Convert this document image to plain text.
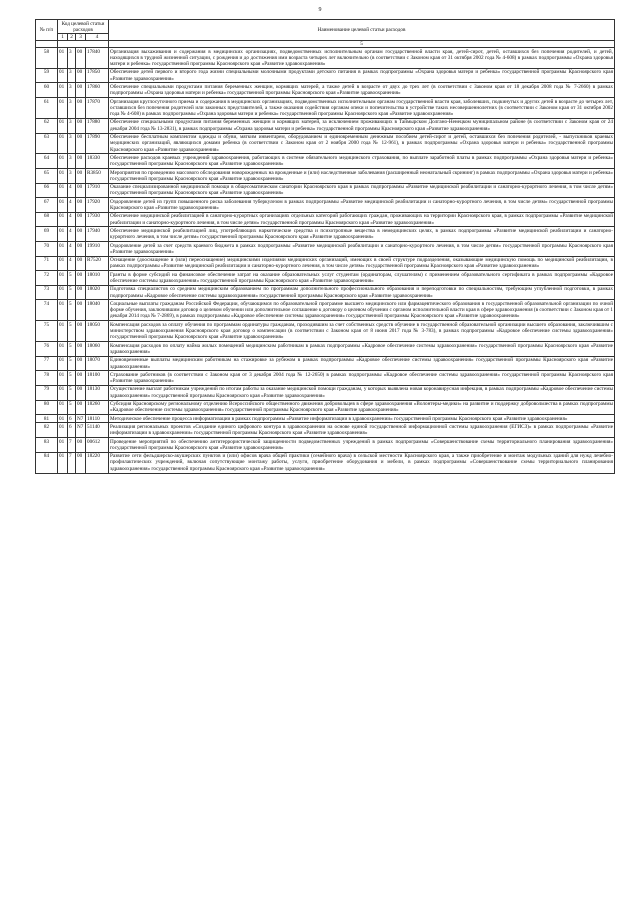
9
№ п/п	Код целевой статьи расходов				Наименование целевой статьи расходов
	1	2	3	4	
					5
58	01	3	00	17840	Организация выхаживания и содержания в медицинских организациях, подведомственных исполнительным органам государственной власти края, детей-сирот, детей, оставшихся без попечения родителей, и детей, находящихся в трудной жизненной ситуации, с рождения и до достижения ими возраста четырех лет включительно (в соответствии с Законом края от 31 октября 2002 года № 4-608) в рамках подпрограммы «Охрана здоровья матери и ребенка» государственной программы Красноярского края «Развитие здравоохранения»
59	01	3	00	17850	Обеспечение детей первого и второго года жизни специальными молочными продуктами детского питания в рамках подпрограммы «Охрана здоровья матери и ребенка» государственной программы Красноярского края «Развитие здравоохранения»
60	01	3	00	17860	Обеспечение специальными продуктами питания беременных женщин, кормящих матерей, а также детей в возрасте от двух до трех лет (в соответствии с Законом края от 18 декабря 2008 года № 7-2660) в рамках подпрограммы «Охрана здоровья матери и ребенка» государственной программы Красноярского края «Развитие здравоохранения»
61	01	3	00	17870	Организация круглосуточного приема и содержания в медицинских организациях, подведомственных исполнительным органам государственной власти края, заболевших, подкинутых и других детей в возрасте до четырех лет, оставшихся без попечения родителей или законных представителей, а также оказания содействия органам опеки и попечительства в устройстве таких несовершеннолетних (в соответствии с Законом края от 31 октября 2002 года № 4-608) в рамках подпрограммы «Охрана здоровья матери и ребенка» государственной программы Красноярского края «Развитие здравоохранения»
62	01	3	00	17880	Обеспечение специальными продуктами питания беременных женщин и кормящих матерей, за исключением проживающих в Таймырском Долгано-Ненецком муниципальном районе (в соответствии с Законом края от 24 декабря 2004 года № 13-2831), в рамках подпрограммы «Охрана здоровья матери и ребенка» государственной программы Красноярского края «Развитие здравоохранения»
63	01	3	00	17890	Обеспечение бесплатным комплектом одежды и обуви, мягким инвентарем, оборудованием и единовременным денежным пособием детей-сирот и детей, оставшихся без попечения родителей, - выпускников краевых медицинских организаций, являющихся домами ребенка (в соответствии с Законом края от 2 ноября 2000 года № 12-961), в рамках подпрограммы «Охрана здоровья матери и ребенка» государственной программы Красноярского края «Развитие здравоохранения»
64	01	3	00	18330	Обеспечение расходов краевых учреждений здравоохранения, работающих в системе обязательного медицинского страхования, по выплате заработной платы в рамках подпрограммы «Охрана здоровья матери и ребенка» государственной программы Красноярского края «Развитие здравоохранения»
65	01	3	00	R3850	Мероприятия по проведению массового обследования новорожденных на врожденные и (или) наследственные заболевания (расширенный неонатальный скрининг) в рамках подпрограммы «Охрана здоровья матери и ребенка» государственной программы Красноярского края «Развитие здравоохранения»
66	01	4	00	17910	Оказание специализированной медицинской помощи в общесоматическом санатории Красноярского края в рамках подпрограммы «Развитие медицинской реабилитации и санаторно-курортного лечения, в том числе детям» государственной программы Красноярского края «Развитие здравоохранения»
67	01	4	00	17920	Оздоровление детей из групп повышенного риска заболевания туберкулезом в рамках подпрограммы «Развитие медицинской реабилитации и санаторно-курортного лечения, в том числе детям» государственной программы Красноярского края «Развитие здравоохранения»
68	01	4	00	17930	Обеспечение медицинской реабилитацией в санаторно-курортных организациях отдельных категорий работающих граждан, проживающих на территории Красноярского края, в рамках подпрограммы «Развитие медицинской реабилитации и санаторно-курортного лечения, в том числе детям» государственной программы Красноярского края «Развитие здравоохранения»
69	01	4	00	17940	Обеспечение медицинской реабилитацией лиц, употребляющих наркотические средства и психотропные вещества в немедицинских целях, в рамках подпрограммы «Развитие медицинской реабилитации и санаторно-курортного лечения, в том числе детям» государственной программы Красноярского края «Развитие здравоохранения»
70	01	4	00	19910	Оздоровление детей за счет средств краевого бюджета в рамках подпрограммы «Развитие медицинской реабилитации и санаторно-курортного лечения, в том числе детям» государственной программы Красноярского края «Развитие здравоохранения»
71	01	4	00	R7520	Оснащение (дооснащение и (или) переоснащение) медицинскими изделиями медицинских организаций, имеющих в своей структуре подразделения, оказывающие медицинскую помощь по медицинской реабилитации, в рамках подпрограммы «Развитие медицинской реабилитации и санаторно-курортного лечения, в том числе детям» государственной программы Красноярского края «Развитие здравоохранения»
72	01	5	00	18010	Гранты в форме субсидий на финансовое обеспечение затрат на оказание образовательных услуг студентам (ординаторам, слушателям) с применением образовательного сертификата в рамках подпрограммы «Кадровое обеспечение системы здравоохранения» государственной программы Красноярского края «Развитие здравоохранения»
73	01	5	00	18020	Подготовка специалистов со средним медицинским образованием по программам дополнительного профессионального образования и переподготовки по специальностям, требующим углубленной подготовки, в рамках подпрограммы «Кадровое обеспечение системы здравоохранения» государственной программы Красноярского края «Развитие здравоохранения»
74	01	5	00	18040	Социальные выплаты гражданам Российской Федерации, обучающимся по образовательной программе высшего медицинского или фармацевтического образования в государственной образовательной организации по очной форме обучения, заключившим договор о целевом обучении или дополнительное соглашение к договору о целевом обучении с органом исполнительной власти края в сфере здравоохранения (в соответствии с Законом края от 1 декабря 2014 года № 7-2869), в рамках подпрограммы «Кадровое обеспечение системы здравоохранения» государственной программы Красноярского края «Развитие здравоохранения»
75	01	5	00	18050	Компенсация расходов за оплату обучения по программам ординатуры гражданам, проходившим за счет собственных средств обучение в государственной образовательной организации высшего образования, заключившим с министерством здравоохранения Красноярского края договор о компенсации (в соответствии с Законом края от 8 июня 2017 года № 3-783), в рамках подпрограммы «Кадровое обеспечение системы здравоохранения» государственной программы Красноярского края «Развитие здравоохранения»
76	01	5	00	18060	Компенсация расходов по оплату найма жилых помещений медицинским работникам в рамках подпрограммы «Кадровое обеспечение системы здравоохранения» государственной программы Красноярского края «Развитие здравоохранения»
77	01	5	00	18070	Единовременные выплаты медицинским работникам на стажировке за рубежом в рамках подпрограммы «Кадровое обеспечение системы здравоохранения» государственной программы Красноярского края «Развитие здравоохранения»
78	01	5	00	18100	Страхование работников (в соответствии с Законом края от 3 декабря 2004 года № 12-2650) в рамках подпрограммы «Кадровое обеспечение системы здравоохранения» государственной программы Красноярского края «Развитие здравоохранения»
79	01	5	00	18130	Осуществление выплат работникам учреждений по итогам работы за оказание медицинской помощи гражданам, у которых выявлена новая коронавирусная инфекция, в рамках подпрограммы «Кадровое обеспечение системы здравоохранения» государственной программы Красноярского края «Развитие здравоохранения»
80	01	5	00	18260	Субсидия Красноярскому региональному отделению Всероссийского общественного движения добровольцев в сфере здравоохранения «Волонтеры-медики» на развитие и поддержку добровольчества в рамках подпрограммы «Кадровое обеспечение системы здравоохранения» государственной программы Красноярского края «Развитие здравоохранения»
81	01	6	N7	18110	Методическое обеспечение процесса информатизации в рамках подпрограммы «Развитие информатизации в здравоохранении» государственной программы Красноярского края «Развитие здравоохранения»
82	01	6	N7	51140	Реализация региональных проектов «Создание единого цифрового контура в здравоохранении на основе единой государственной информационной системы здравоохранения (ЕГИСЗ)» в рамках подпрограммы «Развитие информатизации в здравоохранении» государственной программы Красноярского края «Развитие здравоохранения»
83	01	7	00	00612	Проведение мероприятий по обеспечению антитеррористической защищенности подведомственных учреждений в рамках подпрограммы «Совершенствование схемы территориального планирования здравоохранения» государственной программы Красноярского края «Развитие здравоохранения»
84	01	7	00	18220	Развитие сети фельдшерско-акушерских пунктов и (или) офисов врача общей практики (семейного врача) в сельской местности Красноярского края, а также приобретение и монтаж модульных зданий для нужд лечебно-профилактических учреждений, включая сопутствующие монтажу работы, услуги, приобретение оборудования и мебели, в рамках подпрограммы «Совершенствование схемы территориального планирования здравоохранения» государственной программы Красноярского края «Развитие здравоохранения»
